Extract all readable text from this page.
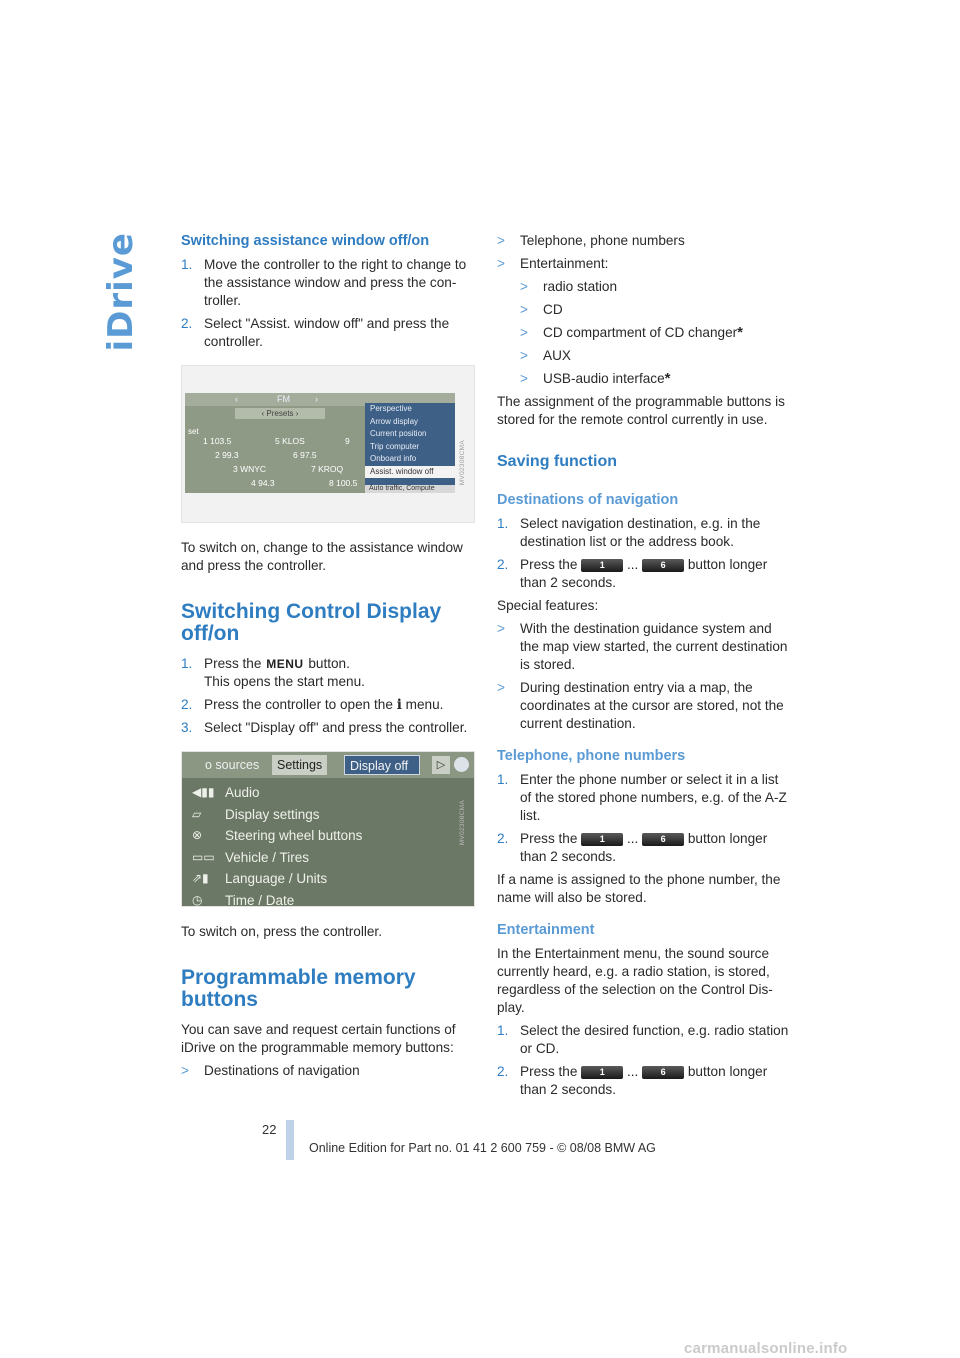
iDrive	Switching assistance window off/on
1. Move the controller to the right to change to the assistance window and press the controller.
2. Select "Assist. window off" and press the controller.
‹	FM	›
‹ Presets ›
set
1 103.5	5 KLOS	9
2 99.3	6 97.5
3 WNYC	7 KROQ
4 94.3	8 100.5
Perspective
Arrow display
Current position
Trip computer
Onboard info
Assist. window off
Auto traffic, Compute
MV02308CMA

To switch on, change to the assistance window and press the controller.

Switching Control Display off/on
1. Press the MENU button.
This opens the start menu.
2. Press the controller to open the i menu.
3. Select "Display off" and press the controller.
o sources	Settings	Display off	▷
◀▮▮ Audio
▱	Display settings
⊗	Steering wheel buttons
▭▭ Vehicle / Tires
⇗▮	Language / Units
◷	Time / Date
MV02308CMA

To switch on, press the controller.

Programmable memory buttons

You can save and request certain functions of iDrive on the programmable memory buttons:

> Destinations of navigation
> Telephone, phone numbers
> Entertainment:
> radio station
> CD
> CD compartment of CD changer*
> AUX
> USB-audio interface*

The assignment of the programmable buttons is stored for the remote control currently in use.

Saving function
Destinations of navigation
1. Select navigation destination, e.g. in the destination list or the address book.
2. Press the 1 ... 6 button longer than 2 seconds.

Special features:

> With the destination guidance system and the map view started, the current destination is stored.
> During destination entry via a map, the coordinates at the cursor are stored, not the current destination.
Telephone, phone numbers
1. Enter the phone number or select it in a list of the stored phone numbers, e.g. of the A-Z list.
2. Press the 1 ... 6 button longer than 2 seconds.

If a name is assigned to the phone number, the name will also be stored.

Entertainment

In the Entertainment menu, the sound source currently heard, e.g. a radio station, is stored, regardless of the selection on the Control Display.

1. Select the desired function, e.g. radio station or CD.
2. Press the 1 ... 6 button longer than 2 seconds.
22
Online Edition for Part no. 01 41 2 600 759 - © 08/08 BMW AG
carmanualsonline.info
